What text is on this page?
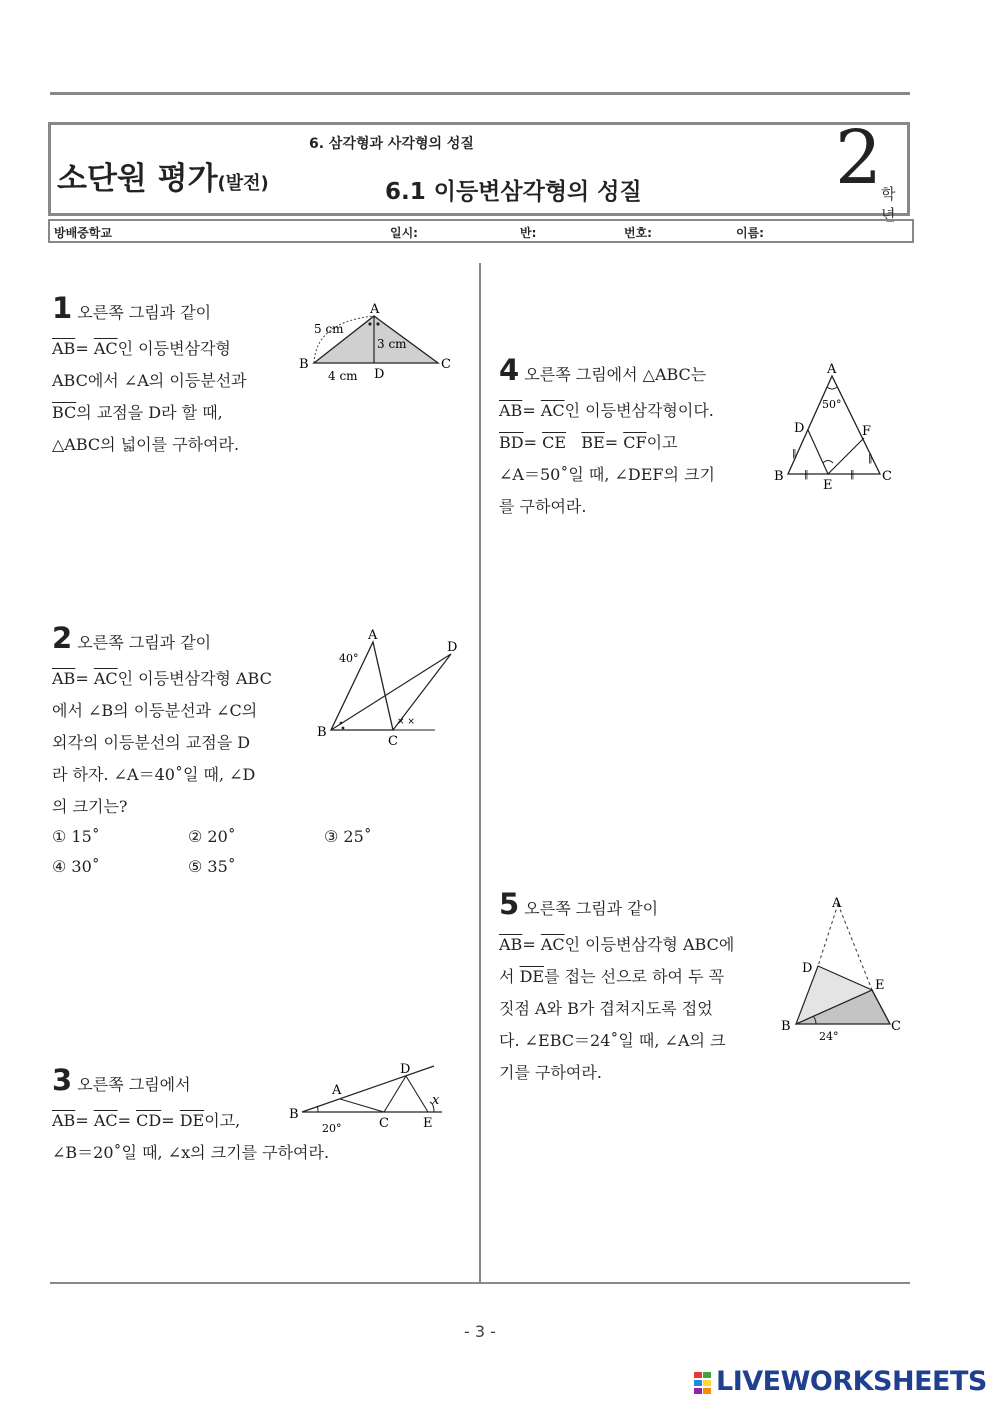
소단원 평가(발전)
6. 삼각형과 사각형의 성질
6.1 이등변삼각형의 성질	2
학년
방배중학교	일시:	반:	번호:	이름:
1 오른쪽 그림과 같이
$\overline{AB}= \overline{AC}$인 이등변삼각형
ABC에서 ∠A의 이등분선과
$\overline{BC}$의 교점을 D라 할 때,
△ABC의 넓이를 구하여라.
A
B	C
D
5 cm
3 cm
4 cm
2 오른쪽 그림과 같이
$\overline{AB}= \overline{AC}$인 이등변삼각형 ABC
에서 ∠B의 이등분선과 ∠C의
외각의 이등분선의 교점을 D
라 하자. ∠A＝40˚일 때, ∠D
의 크기는?
① 15˚	② 20˚	③ 25˚
④ 30˚	⑤ 35˚
× ×
A
B
C
D
40°
3 오른쪽 그림에서
$\overline{AB}= \overline{AC}= \overline{CD}= \overline{DE}$이고,
∠B＝20˚일 때, ∠x의 크기를 구하여라.
A
B
C
D
E
20°
x
4 오른쪽 그림에서 △ABC는
$\overline{AB}= \overline{AC}$인 이등변삼각형이다.
$\overline{BD}= \overline{CE}$ $\overline{BE}= \overline{CF}$이고
∠A＝50˚일 때, ∠DEF의 크기
를 구하여라.
‖	‖
‖	‖
A
B	C
D
E
F
50°
5 오른쪽 그림과 같이
$\overline{AB}= \overline{AC}$인 이등변삼각형 ABC에
서 $\overline{DE}$를 접는 선으로 하여 두 꼭
짓점 A와 B가 겹쳐지도록 접었
다. ∠EBC＝24˚일 때, ∠A의 크
기를 구하여라.
A
B	C
D
E
24°
- 3 -
LIVEWORKSHEETS
